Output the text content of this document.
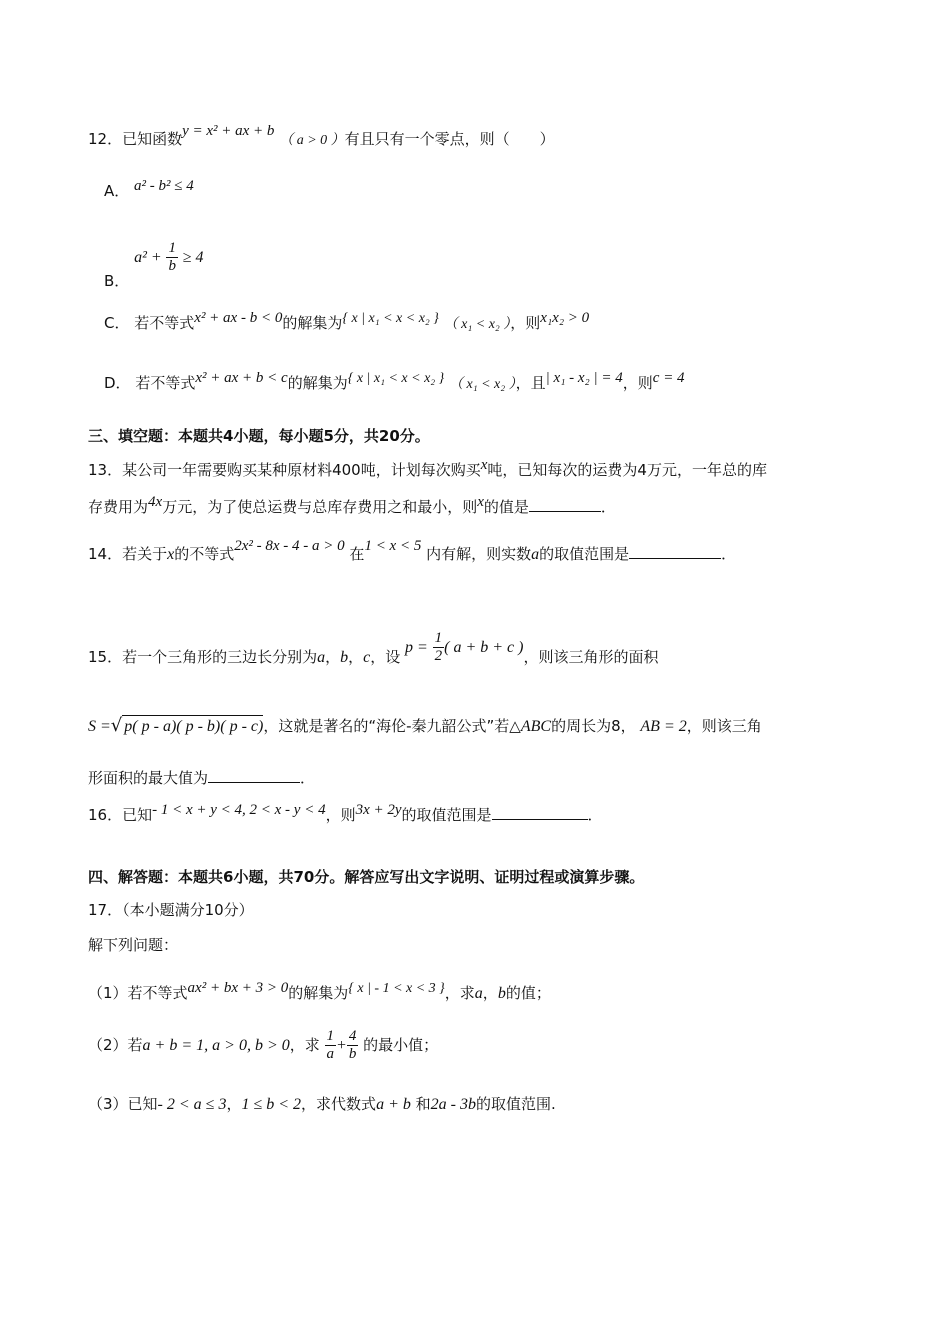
12．已知函数y = x² + ax + b （ a > 0 ）有且只有一个零点，则（　　）
A． a² - b² ≤ 4
B． $a^2 + \frac{1}{b} \ge 4$
C． 若不等式x² + ax - b < 0的解集为{ x | x₁ < x < x₂ } （ x₁ < x₂ ），则x₁x₂ > 0
D． 若不等式x² + ax + b < c的解集为{ x | x₁ < x < x₂ } （ x₁ < x₂ ），且| x₁ - x₂ | = 4，则c = 4
三、填空题：本题共4小题，每小题5分，共20分。
13．某公司一年需要购买某种原材料400吨，计划每次购买x吨，已知每次的运费为4万元，一年总的库
存费用为4x万元，为了使总运费与总库存费用之和最小，则x的值是	．
14．若关于x的不等式2x² - 8x - 4 - a > 0 在1 < x < 5 内有解，则实数a的取值范围是	．
15．若一个三角形的三边长分别为a，b，c，设 $p = \frac{1}{2}$ ( a + b + c )，则该三角形的面积
S =√ p( p - a)( p - b)( p - c)，这就是著名的“海伦-秦九韶公式”若△ABC的周长为8， AB = 2，则该三角
形面积的最大值为	．
16．已知- 1 < x + y < 4, 2 < x - y < 4，则3x + 2y的取值范围是	．
四、解答题：本题共6小题，共70分。解答应写出文字说明、证明过程或演算步骤。
17．（本小题满分10分）
解下列问题：
（1）若不等式ax² + bx + 3 > 0的解集为{ x | - 1 < x < 3 }，求a，b的值；
（2）若a + b = 1, a > 0, b > 0，求 $\frac{1}{a} + \frac{4}{b}$ 的最小值；
（3）已知- 2 < a ≤ 3，1 ≤ b < 2，求代数式a + b 和2a - 3b的取值范围.
